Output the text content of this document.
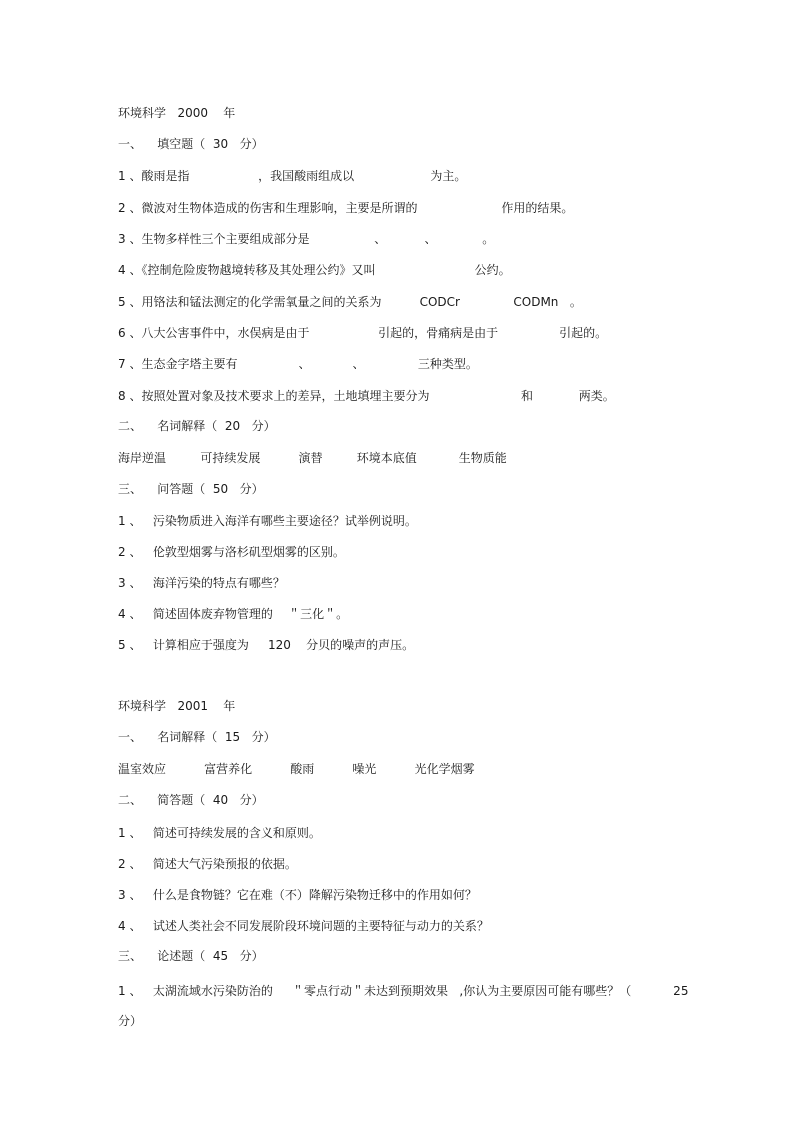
环境科学   2000    年
一、    填空题（  30   分）
1 、酸雨是指                  ，我国酸雨组成以                    为主。
2 、微波对生物体造成的伤害和生理影响，主要是所谓的                      作用的结果。
3 、生物多样性三个主要组成部分是                 、          、            。
4 、《控制危险废物越境转移及其处理公约》又叫                          公约。
5 、用铬法和锰法测定的化学需氧量之间的关系为          CODCr              CODMn   。
6 、八大公害事件中，水俣病是由于                  引起的，骨痛病是由于                引起的。
7 、生态金字塔主要有                、           、              三种类型。
8 、按照处置对象及技术要求上的差异，土地填埋主要分为                        和            两类。
二、    名词解释（  20   分）
海岸逆温         可持续发展          演替         环境本底值           生物质能
三、    问答题（  50   分）
1 、   污染物质进入海洋有哪些主要途径？试举例说明。
2 、   伦敦型烟雾与洛杉矶型烟雾的区别。
3 、   海洋污染的特点有哪些？
4 、   简述固体废弃物管理的    ＂三化＂。
5 、   计算相应于强度为     120    分贝的噪声的声压。
环境科学   2001    年
一、    名词解释（  15   分）
温室效应          富营养化          酸雨          噪光          光化学烟雾
二、    简答题（  40   分）
1 、   简述可持续发展的含义和原则。
2 、   简述大气污染预报的依据。
3 、   什么是食物链？它在难（不）降解污染物迁移中的作用如何？
4 、   试述人类社会不同发展阶段环境问题的主要特征与动力的关系？
三、    论述题（  45   分）
1 、   太湖流域水污染防治的     ＂零点行动＂未达到预期效果   ,你认为主要原因可能有哪些？（           25
分）
